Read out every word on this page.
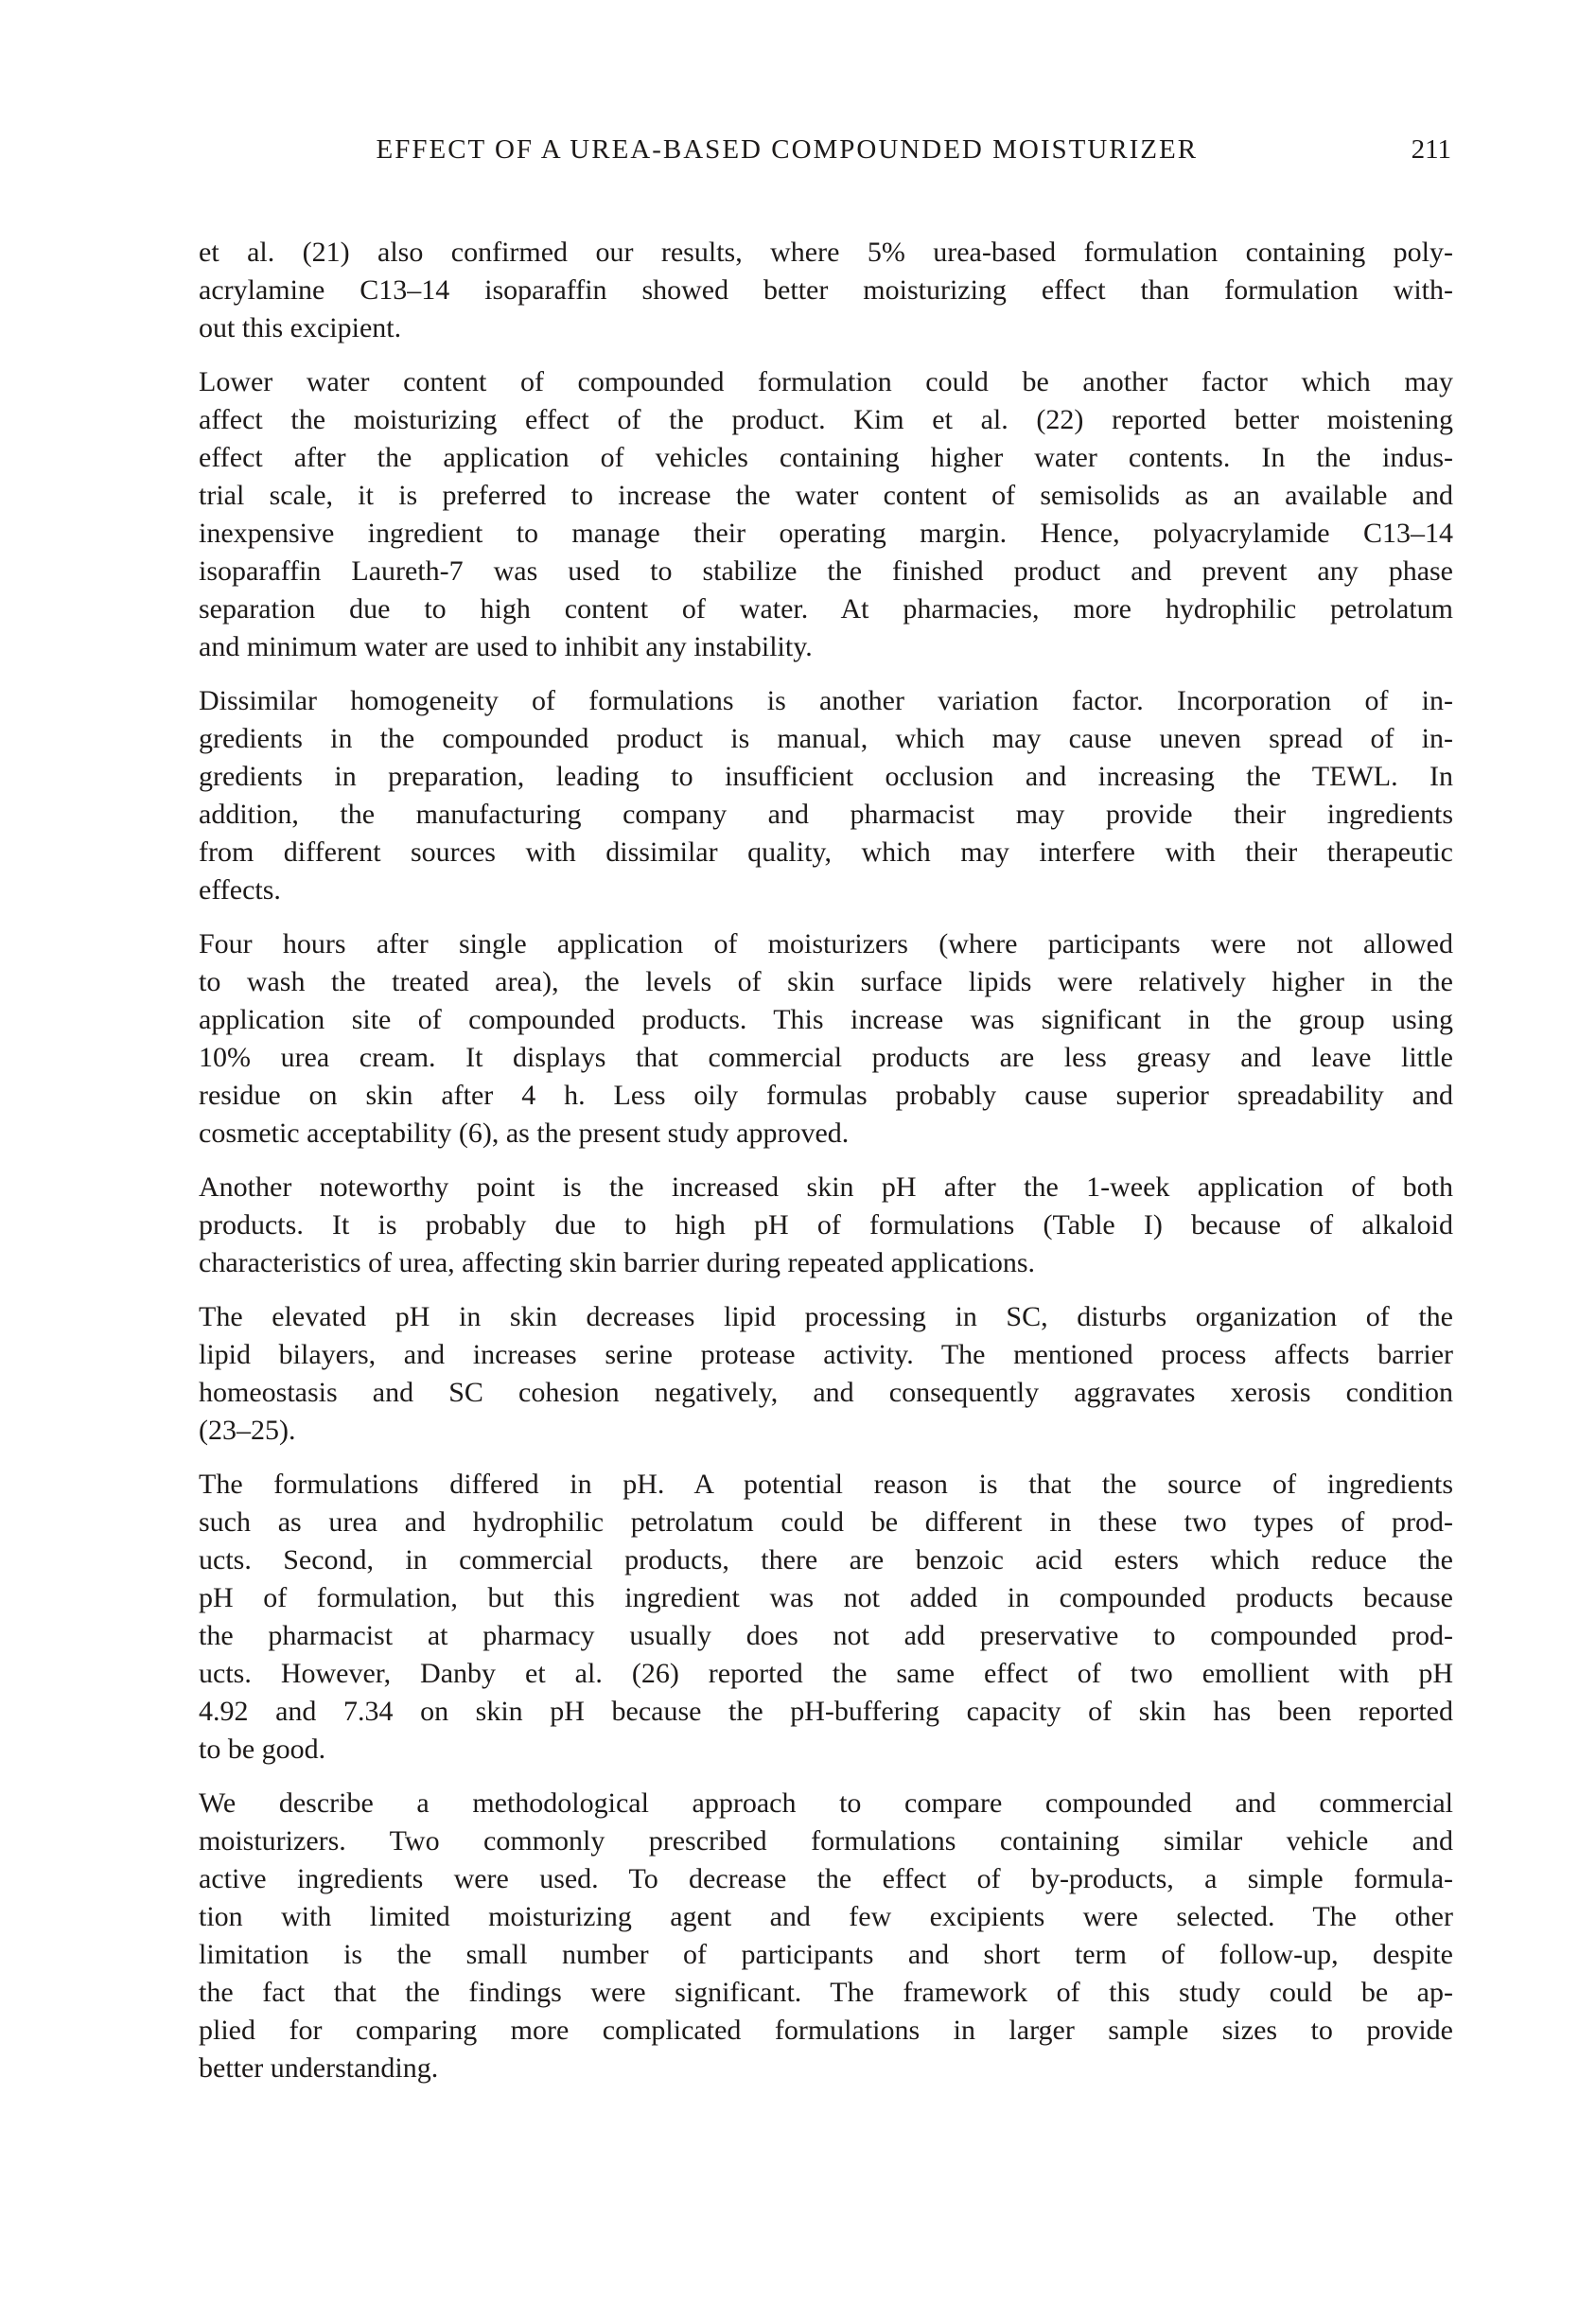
EFFECT OF A UREA-BASED COMPOUNDED MOISTURIZER	211
et al. (21) also confirmed our results, where 5% urea-based formulation containing poly-
acrylamine C13–14 isoparaffin showed better moisturizing effect than formulation with-
out this excipient.
Lower water content of compounded formulation could be another factor which may
affect the moisturizing effect of the product. Kim et al. (22) reported better moistening
effect after the application of vehicles containing higher water contents. In the indus-
trial scale, it is preferred to increase the water content of semisolids as an available and
inexpensive ingredient to manage their operating margin. Hence, polyacrylamide C13–14
isoparaffin Laureth-7 was used to stabilize the finished product and prevent any phase
separation due to high content of water. At pharmacies, more hydrophilic petrolatum
and minimum water are used to inhibit any instability.
Dissimilar homogeneity of formulations is another variation factor. Incorporation of in-
gredients in the compounded product is manual, which may cause uneven spread of in-
gredients in preparation, leading to insufficient occlusion and increasing the TEWL. In
addition, the manufacturing company and pharmacist may provide their ingredients
from different sources with dissimilar quality, which may interfere with their therapeutic
effects.
Four hours after single application of moisturizers (where participants were not allowed
to wash the treated area), the levels of skin surface lipids were relatively higher in the
application site of compounded products. This increase was significant in the group using
10% urea cream. It displays that commercial products are less greasy and leave little
residue on skin after 4 h. Less oily formulas probably cause superior spreadability and
cosmetic acceptability (6), as the present study approved.
Another noteworthy point is the increased skin pH after the 1-week application of both
products. It is probably due to high pH of formulations (Table I) because of alkaloid
characteristics of urea, affecting skin barrier during repeated applications.
The elevated pH in skin decreases lipid processing in SC, disturbs organization of the
lipid bilayers, and increases serine protease activity. The mentioned process affects barrier
homeostasis and SC cohesion negatively, and consequently aggravates xerosis condition
(23–25).
The formulations differed in pH. A potential reason is that the source of ingredients
such as urea and hydrophilic petrolatum could be different in these two types of prod-
ucts. Second, in commercial products, there are benzoic acid esters which reduce the
pH of formulation, but this ingredient was not added in compounded products because
the pharmacist at pharmacy usually does not add preservative to compounded prod-
ucts. However, Danby et al. (26) reported the same effect of two emollient with pH
4.92 and 7.34 on skin pH because the pH-buffering capacity of skin has been reported
to be good.
We describe a methodological approach to compare compounded and commercial
moisturizers. Two commonly prescribed formulations containing similar vehicle and
active ingredients were used. To decrease the effect of by-products, a simple formula-
tion with limited moisturizing agent and few excipients were selected. The other
limitation is the small number of participants and short term of follow-up, despite
the fact that the findings were significant. The framework of this study could be ap-
plied for comparing more complicated formulations in larger sample sizes to provide
better understanding.
